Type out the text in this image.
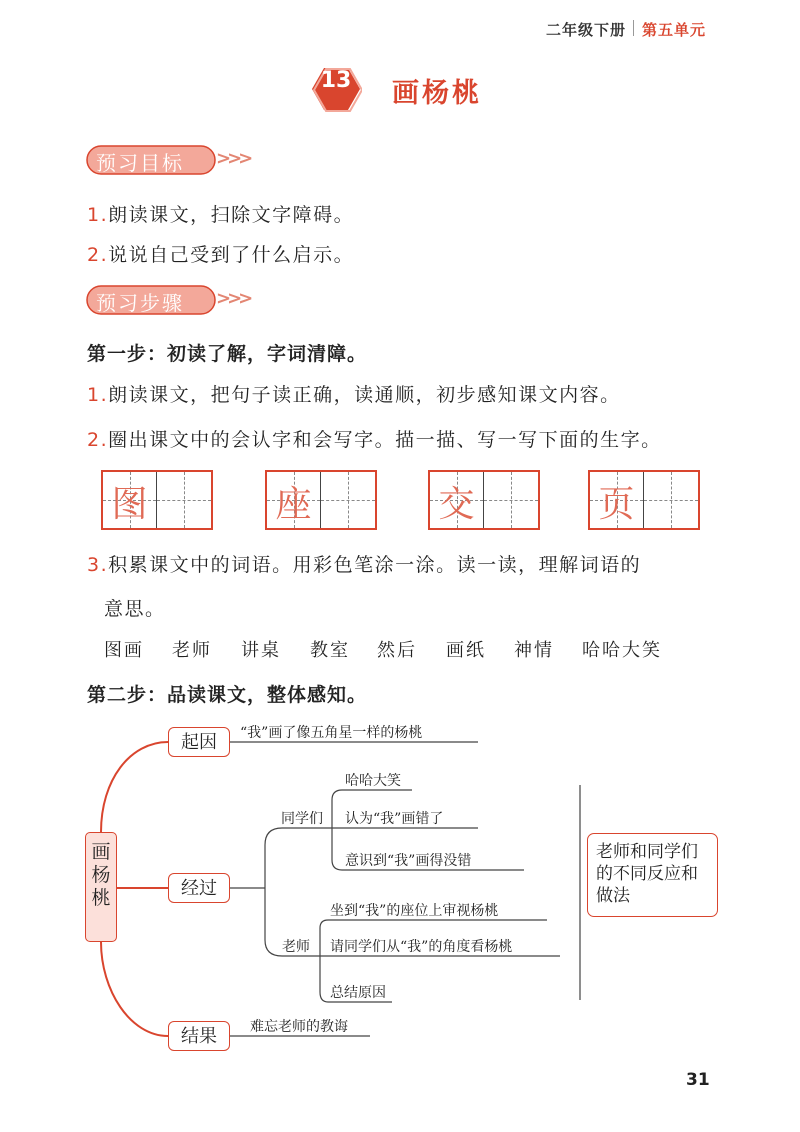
二年级下册 第五单元
13	画杨桃
预习目标 >>>
1.朗读课文，扫除文字障碍。
2.说说自己受到了什么启示。
预习步骤 >>>
第一步：初读了解，字词清障。
1.朗读课文，把句子读正确，读通顺，初步感知课文内容。
2.圈出课文中的会认字和会写字。描一描、写一写下面的生字。
图	座	交	页
3.积累课文中的词语。用彩色笔涂一涂。读一读，理解词语的
意思。
图画 老师 讲桌 教室 然后 画纸 神情 哈哈大笑
第二步：品读课文，整体感知。
画杨桃
起因	“我”画了像五角星一样的杨桃
经过
同学们
哈哈大笑
认为“我”画错了
意识到“我”画得没错
老师
坐到“我”的座位上审视杨桃
请同学们从“我”的角度看杨桃
总结原因
结果	难忘老师的教诲
老师和同学们的不同反应和做法
31
